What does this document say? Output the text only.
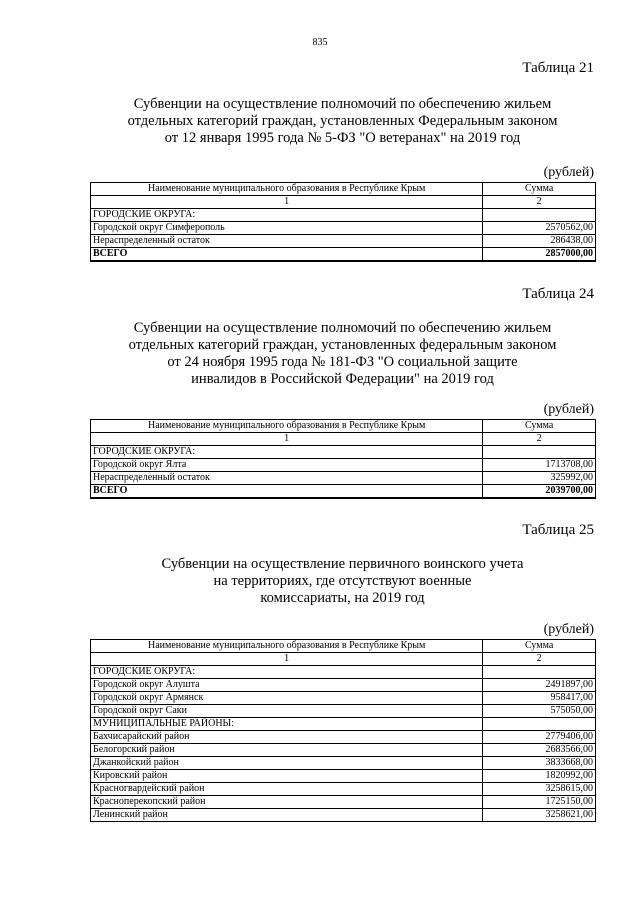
835
Таблица 21
Субвенции на осуществление полномочий по обеспечению жильем
отдельных категорий граждан, установленных Федеральным законом
от 12 января 1995 года № 5-ФЗ "О ветеранах" на 2019 год
(рублей)
Наименование муниципального образования в Республике Крым	Сумма
1	2
ГОРОДСКИЕ ОКРУГА:	
Городской округ Симферополь	2570562,00
Нераспределенный остаток	286438,00
ВСЕГО	2857000,00
Таблица 24
Субвенции на осуществление полномочий по обеспечению жильем
отдельных категорий граждан, установленных федеральным законом
от 24 ноября 1995 года № 181-ФЗ "О социальной защите
инвалидов в Российской Федерации" на 2019 год
(рублей)
Наименование муниципального образования в Республике Крым	Сумма
1	2
ГОРОДСКИЕ ОКРУГА:	
Городской округ Ялта	1713708,00
Нераспределенный остаток	325992,00
ВСЕГО	2039700,00
Таблица 25
Субвенции на осуществление первичного воинского учета
на территориях, где отсутствуют военные
комиссариаты, на 2019 год
(рублей)
Наименование муниципального образования в Республике Крым	Сумма
1	2
ГОРОДСКИЕ ОКРУГА:	
Городской округ Алушта	2491897,00
Городской округ Армянск	958417,00
Городской округ Саки	575050,00
МУНИЦИПАЛЬНЫЕ РАЙОНЫ:	
Бахчисарайский район	2779406,00
Белогорский район	2683566,00
Джанкойский район	3833668,00
Кировский район	1820992,00
Красногвардейский район	3258615,00
Красноперекопский район	1725150,00
Ленинский район	3258621,00
